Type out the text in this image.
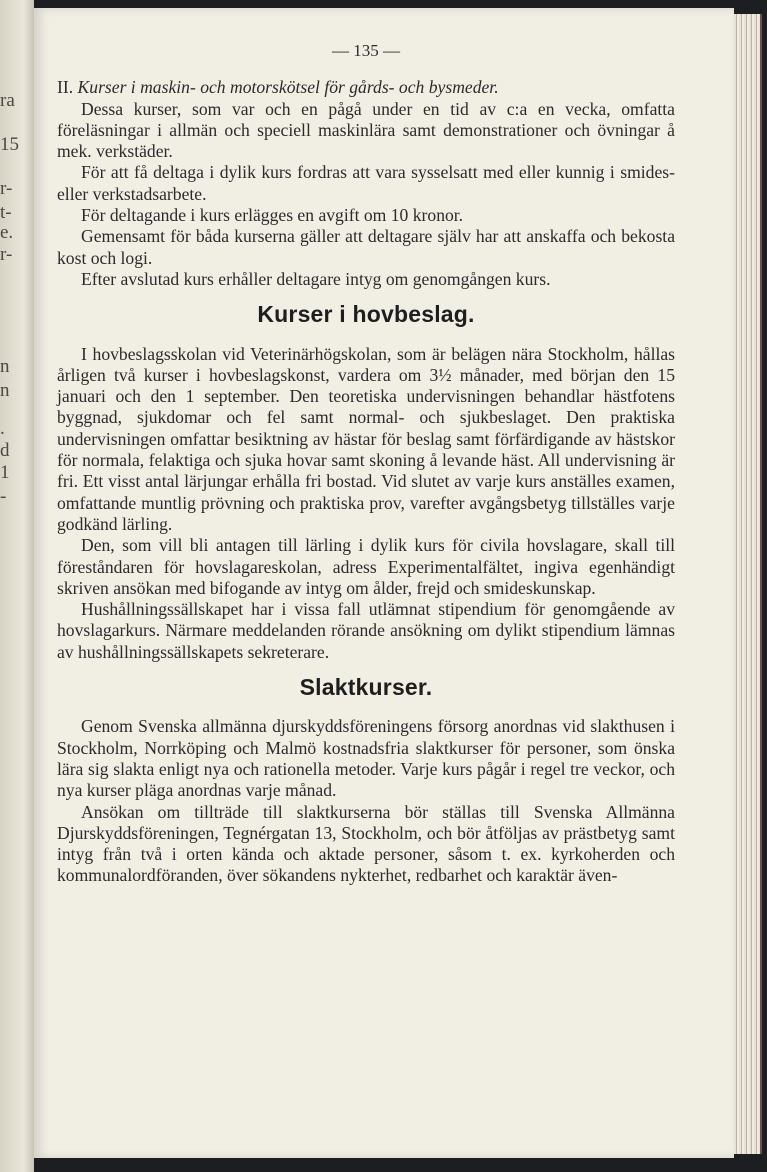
ra
15
r-
t-
e.
r-
n
n
.
d
1
-
— 135 —

II. Kurser i maskin- och motorskötsel för gårds- och bysmeder.

Dessa kurser, som var och en pågå under en tid av c:a en vecka, omfatta föreläsningar i allmän och speciell maskinlära samt demonstrationer och övningar å mek. verkstäder.

För att få deltaga i dylik kurs fordras att vara sysselsatt med eller kunnig i smides- eller verkstadsarbete.

För deltagande i kurs erlägges en avgift om 10 kronor.

Gemensamt för båda kurserna gäller att deltagare själv har att anskaffa och bekosta kost och logi.

Efter avslutad kurs erhåller deltagare intyg om genomgången kurs.

Kurser i hovbeslag.

I hovbeslagsskolan vid Veterinärhögskolan, som är belägen nära Stockholm, hållas årligen två kurser i hovbeslagskonst, vardera om 3½ månader, med början den 15 januari och den 1 september. Den teoretiska undervisningen behandlar hästfotens byggnad, sjukdomar och fel samt normal- och sjukbeslaget. Den praktiska undervisningen omfattar besiktning av hästar för beslag samt förfärdigande av hästskor för normala, felaktiga och sjuka hovar samt skoning å levande häst. All undervisning är fri. Ett visst antal lärjungar erhålla fri bostad. Vid slutet av varje kurs anställes examen, omfattande muntlig prövning och praktiska prov, varefter avgångsbetyg tillställes varje godkänd lärling.

Den, som vill bli antagen till lärling i dylik kurs för civila hovslagare, skall till föreståndaren för hovslagareskolan, adress Experimentalfältet, ingiva egenhändigt skriven ansökan med bifogande av intyg om ålder, frejd och smideskunskap.

Hushållningssällskapet har i vissa fall utlämnat stipendium för genomgående av hovslagarkurs. Närmare meddelanden rörande ansökning om dylikt stipendium lämnas av hushållningssällskapets sekreterare.

Slaktkurser.

Genom Svenska allmänna djurskyddsföreningens försorg anordnas vid slakthusen i Stockholm, Norrköping och Malmö kostnadsfria slaktkurser för personer, som önska lära sig slakta enligt nya och rationella metoder. Varje kurs pågår i regel tre veckor, och nya kurser pläga anordnas varje månad.

Ansökan om tillträde till slaktkurserna bör ställas till Svenska Allmänna Djurskyddsföreningen, Tegnérgatan 13, Stockholm, och bör åtföljas av prästbetyg samt intyg från två i orten kända och aktade personer, såsom t. ex. kyrkoherden och kommunalordföranden, över sökandens nykterhet, redbarhet och karaktär även-
